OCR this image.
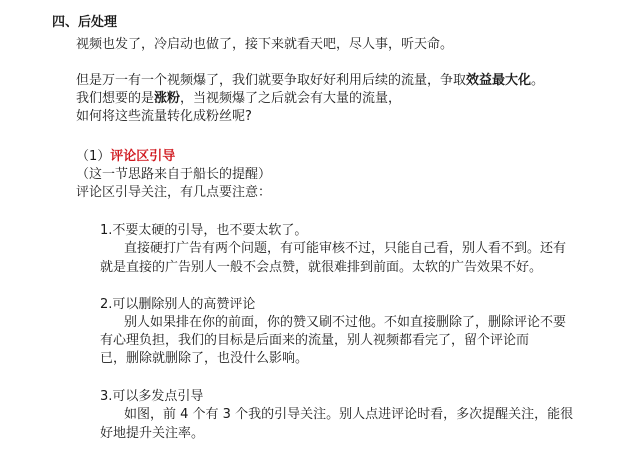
四、后处理
视频也发了，冷启动也做了，接下来就看天吧，尽人事，听天命。
但是万一有一个视频爆了，我们就要争取好好利用后续的流量，争取效益最大化。
我们想要的是涨粉，当视频爆了之后就会有大量的流量，
如何将这些流量转化成粉丝呢?
（1）评论区引导
（这一节思路来自于船长的提醒）
评论区引导关注，有几点要注意：
1.不要太硬的引导，也不要太软了。
直接硬打广告有两个问题，有可能审核不过，只能自己看，别人看不到。还有
就是直接的广告别人一般不会点赞，就很难排到前面。太软的广告效果不好。
2.可以删除别人的高赞评论
别人如果排在你的前面，你的赞又刷不过他。不如直接删除了，删除评论不要
有心理负担，我们的目标是后面来的流量，别人视频都看完了，留个评论而
已，删除就删除了，也没什么影响。
3.可以多发点引导
如图，前 4 个有 3 个我的引导关注。别人点进评论时看，多次提醒关注，能很
好地提升关注率。
